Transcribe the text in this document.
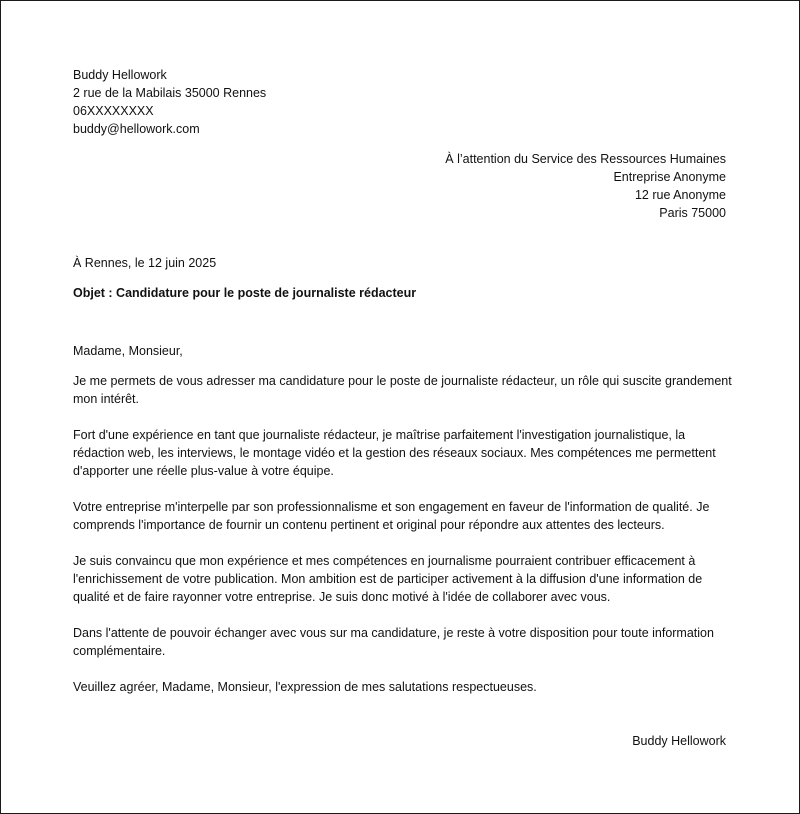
Buddy Hellowork
2 rue de la Mabilais 35000 Rennes
06XXXXXXXX
buddy@hellowork.com
À l’attention du Service des Ressources Humaines
Entreprise Anonyme
12 rue Anonyme
Paris 75000
À Rennes, le 12 juin 2025
Objet : Candidature pour le poste de journaliste rédacteur
Madame, Monsieur,

Je me permets de vous adresser ma candidature pour le poste de journaliste rédacteur, un rôle qui suscite grandement mon intérêt.

Fort d'une expérience en tant que journaliste rédacteur, je maîtrise parfaitement l'investigation journalistique, la rédaction web, les interviews, le montage vidéo et la gestion des réseaux sociaux. Mes compétences me permettent d'apporter une réelle plus-value à votre équipe.

Votre entreprise m'interpelle par son professionnalisme et son engagement en faveur de l'information de qualité. Je comprends l'importance de fournir un contenu pertinent et original pour répondre aux attentes des lecteurs.

Je suis convaincu que mon expérience et mes compétences en journalisme pourraient contribuer efficacement à l'enrichissement de votre publication. Mon ambition est de participer activement à la diffusion d'une information de qualité et de faire rayonner votre entreprise. Je suis donc motivé à l'idée de collaborer avec vous.

Dans l'attente de pouvoir échanger avec vous sur ma candidature, je reste à votre disposition pour toute information complémentaire.

Veuillez agréer, Madame, Monsieur, l'expression de mes salutations respectueuses.

Buddy Hellowork
